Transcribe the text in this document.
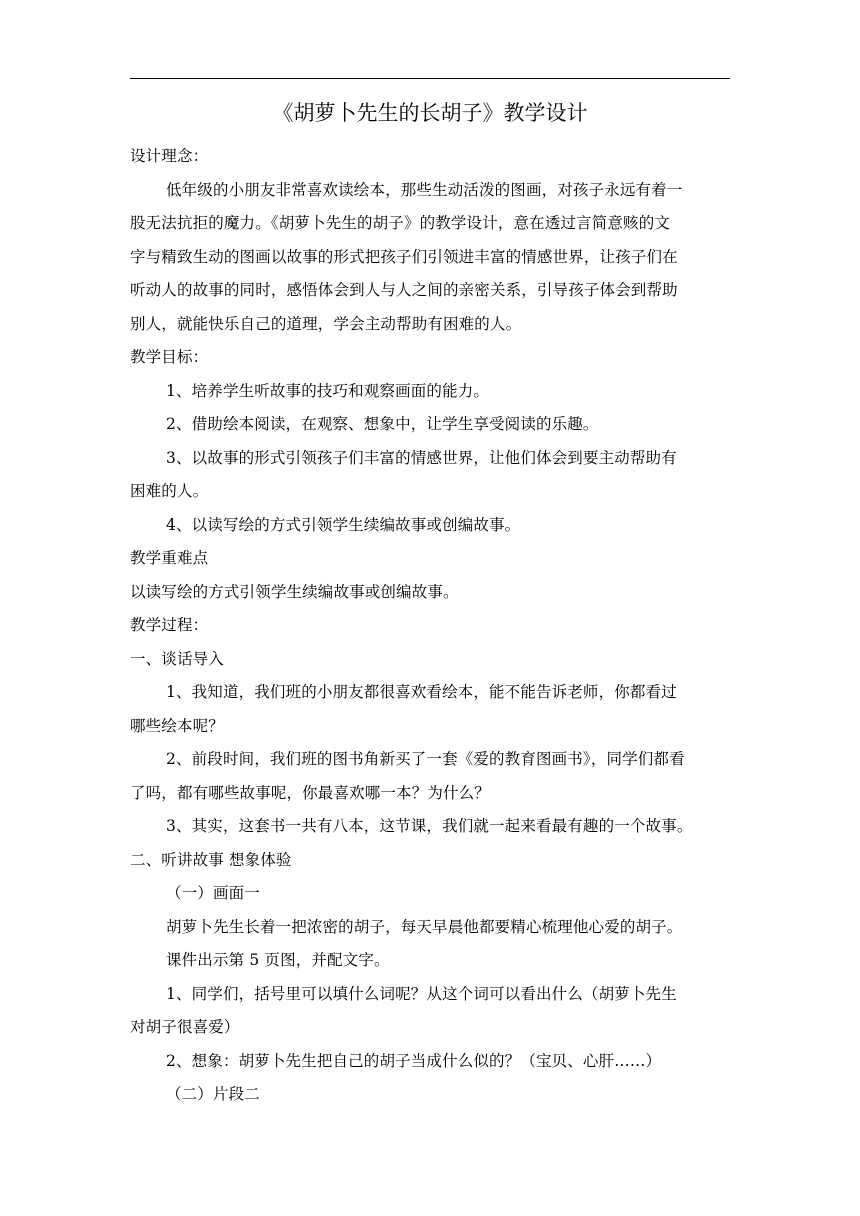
《胡萝卜先生的长胡子》教学设计
设计理念：
低年级的小朋友非常喜欢读绘本，那些生动活泼的图画，对孩子永远有着一
股无法抗拒的魔力。《胡萝卜先生的胡子》的教学设计，意在透过言简意赅的文
字与精致生动的图画以故事的形式把孩子们引领进丰富的情感世界，让孩子们在
听动人的故事的同时，感悟体会到人与人之间的亲密关系，引导孩子体会到帮助
别人，就能快乐自己的道理，学会主动帮助有困难的人。
教学目标：
1、培养学生听故事的技巧和观察画面的能力。
2、借助绘本阅读，在观察、想象中，让学生享受阅读的乐趣。
3、以故事的形式引领孩子们丰富的情感世界，让他们体会到要主动帮助有
困难的人。
4、以读写绘的方式引领学生续编故事或创编故事。
教学重难点
以读写绘的方式引领学生续编故事或创编故事。
教学过程：
一、谈话导入
1、我知道，我们班的小朋友都很喜欢看绘本，能不能告诉老师，你都看过
哪些绘本呢？
2、前段时间，我们班的图书角新买了一套《爱的教育图画书》，同学们都看
了吗，都有哪些故事呢，你最喜欢哪一本？为什么？
3、其实，这套书一共有八本，这节课，我们就一起来看最有趣的一个故事。
二、听讲故事 想象体验
（一）画面一
胡萝卜先生长着一把浓密的胡子，每天早晨他都要精心梳理他心爱的胡子。
课件出示第 5 页图，并配文字。
1、同学们，括号里可以填什么词呢？从这个词可以看出什么（胡萝卜先生
对胡子很喜爱）
2、想象：胡萝卜先生把自己的胡子当成什么似的？（宝贝、心肝……）
（二）片段二
